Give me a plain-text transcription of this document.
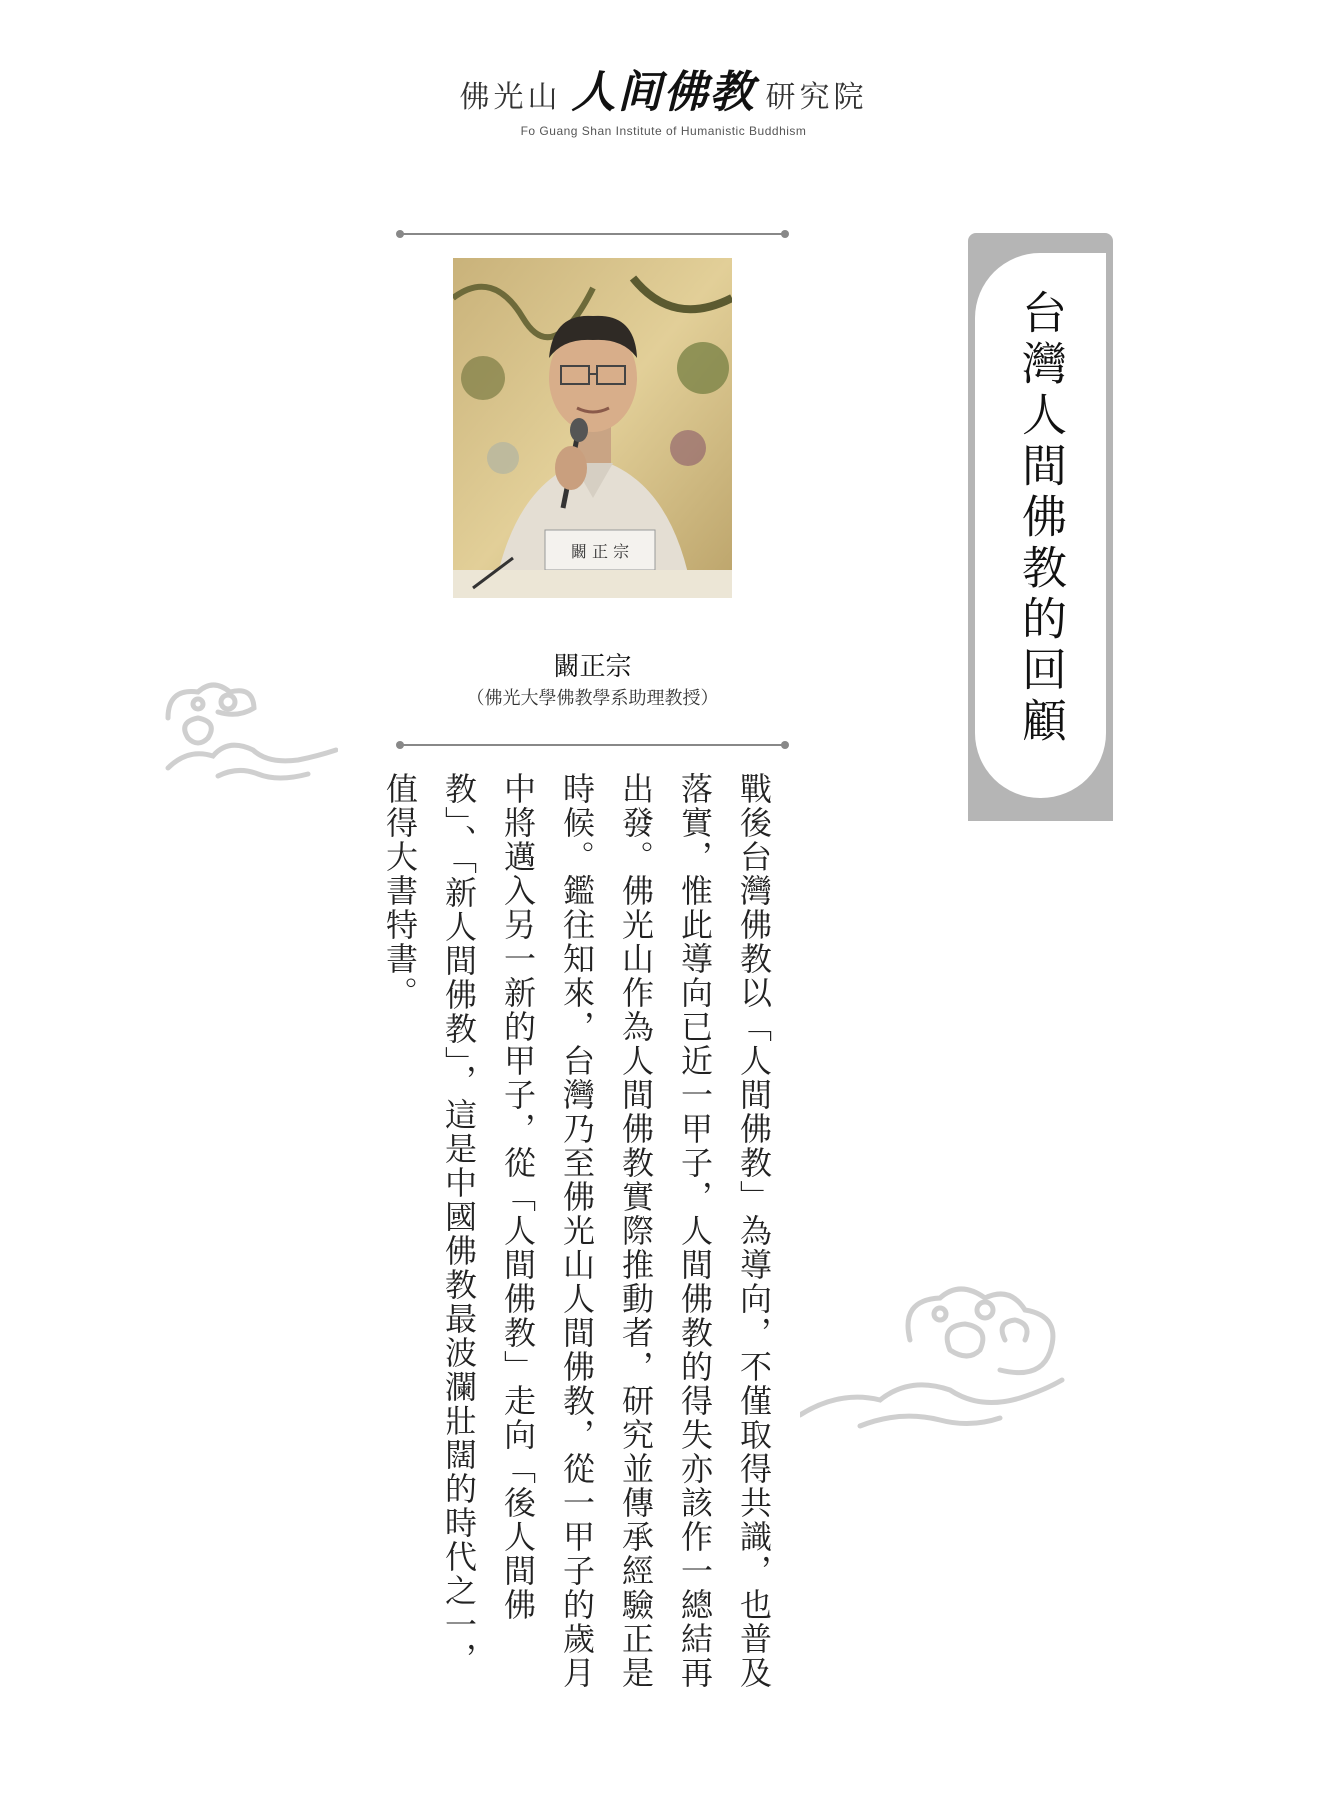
佛光山 人间佛教 研究院
Fo Guang Shan Institute of Humanistic Buddhism
闞 正 宗
闞正宗
（佛光大學佛教學系助理教授）	台灣人間佛教的回顧
戰後台灣佛教以「人間佛教」為導向，不僅取得共識，也普及落實，惟此導向已近一甲子，人間佛教的得失亦該作一總結再出發。佛光山作為人間佛教實際推動者，研究並傳承經驗正是時候。鑑往知來，台灣乃至佛光山人間佛教，從一甲子的歲月中將邁入另一新的甲子，從「人間佛教」走向「後人間佛教」、「新人間佛教」，這是中國佛教最波瀾壯闊的時代之一，值得大書特書。
